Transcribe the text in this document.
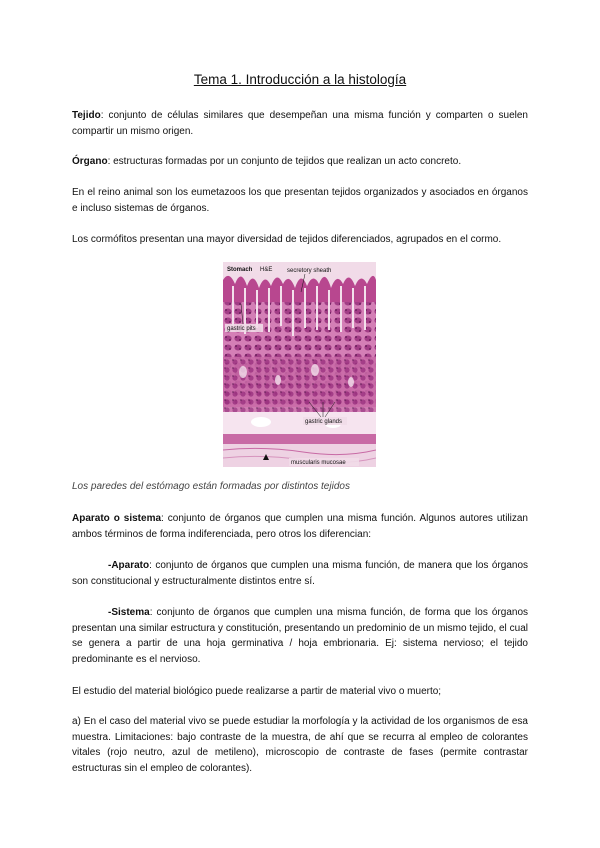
Tema 1. Introducción a la histología

Tejido: conjunto de células similares que desempeñan una misma función y comparten o suelen compartir un mismo origen.

Órgano: estructuras formadas por un conjunto de tejidos que realizan un acto concreto.

En el reino animal son los eumetazoos los que presentan tejidos organizados y asociados en órganos e incluso sistemas de órganos.

Los cormófitos presentan una mayor diversidad de tejidos diferenciados, agrupados en el cormo.

Stomach H&E secretory sheath
gastric pits
gastric glands
muscularis mucosae

Los paredes del estómago están formadas por distintos tejidos

Aparato o sistema: conjunto de órganos que cumplen una misma función. Algunos autores utilizan ambos términos de forma indiferenciada, pero otros los diferencian:

-Aparato: conjunto de órganos que cumplen una misma función, de manera que los órganos son constitucional y estructuralmente distintos entre sí.

-Sistema: conjunto de órganos que cumplen una misma función, de forma que los órganos presentan una similar estructura y constitución, presentando un predominio de un mismo tejido, el cual se genera a partir de una hoja germinativa / hoja embrionaria. Ej: sistema nervioso; el tejido predominante es el nervioso.

El estudio del material biológico puede realizarse a partir de material vivo o muerto;

a) En el caso del material vivo se puede estudiar la morfología y la actividad de los organismos de esa muestra. Limitaciones: bajo contraste de la muestra, de ahí que se recurra al empleo de colorantes vitales (rojo neutro, azul de metileno), microscopio de contraste de fases (permite contrastar estructuras sin el empleo de colorantes).
